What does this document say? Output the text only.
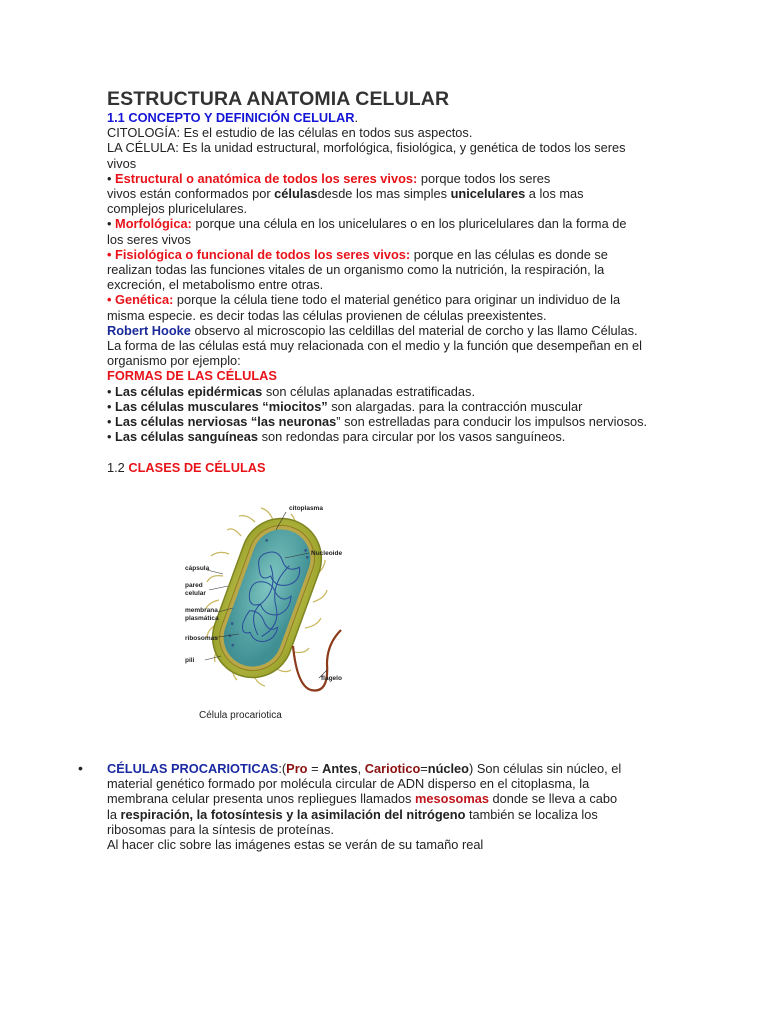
ESTRUCTURA ANATOMIA CELULAR

1.1 CONCEPTO Y DEFINICIÓN CELULAR.

CITOLOGÍA: Es el estudio de las células en todos sus aspectos.

LA CÉLULA: Es la unidad estructural, morfológica, fisiológica, y genética de todos los seres

vivos

• Estructural o anatómica de todos los seres vivos: porque todos los seres

vivos están conformados por célulasdesde los mas simples unicelulares a los mas

complejos pluricelulares.

• Morfológica: porque una célula en los unicelulares o en los pluricelulares dan la forma de

los seres vivos

• Fisiológica o funcional de todos los seres vivos: porque en las células es donde se

realizan todas las funciones vitales de un organismo como la nutrición, la respiración, la

excreción, el metabolismo entre otras.

• Genética: porque la célula tiene todo el material genético para originar un individuo de la

misma especie. es decir todas las células provienen de células preexistentes.

Robert Hooke observo al microscopio las celdillas del material de corcho y las llamo Células.

La forma de las células está muy relacionada con el medio y la función que desempeñan en el

organismo por ejemplo:

FORMAS DE LAS CÉLULAS

• Las células epidérmicas son células aplanadas estratificadas.

• Las células musculares “miocitos” son alargadas. para la contracción muscular

• Las células nerviosas “las neuronas” son estrelladas para conducir los impulsos nerviosos.

• Las células sanguíneas son redondas para circular por los vasos sanguíneos.

1.2 CLASES DE CÉLULAS

citoplasma
Nucleoide
cápsula
pared
celular
membrana
plasmática
ribosomas
pili
flagelo
Célula procariotica
• CÉLULAS PROCARIOTICAS:(Pro = Antes, Cariotico=núcleo) Son células sin núcleo, el

material genético formado por molécula circular de ADN disperso en el citoplasma, la

membrana celular presenta unos repliegues llamados mesosomas donde se lleva a cabo

la respiración, la fotosíntesis y la asimilación del nitrógeno también se localiza los

ribosomas para la síntesis de proteínas.

Al hacer clic sobre las imágenes estas se verán de su tamaño real
